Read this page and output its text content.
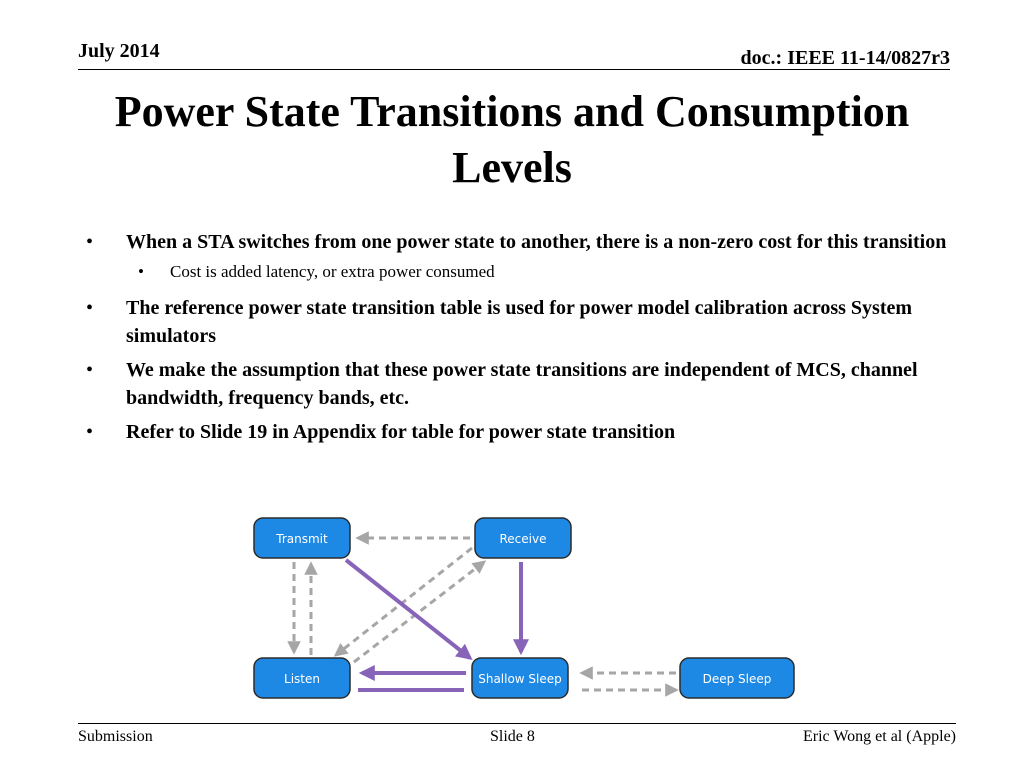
July 2014	doc.: IEEE 11-14/0827r3
Power State Transitions and Consumption Levels
• When a STA switches from one power state to another, there is a non-zero cost for this transition
• Cost is added latency, or extra power consumed
• The reference power state transition table is used for power model calibration across System simulators
• We make the assumption that these power state transitions are independent of MCS, channel bandwidth, frequency bands, etc.
• Refer to Slide 19 in Appendix for table for power state transition
Transmit	Receive
Listen	Shallow Sleep	Deep Sleep
Submission	Slide 8	Eric Wong et al (Apple)
